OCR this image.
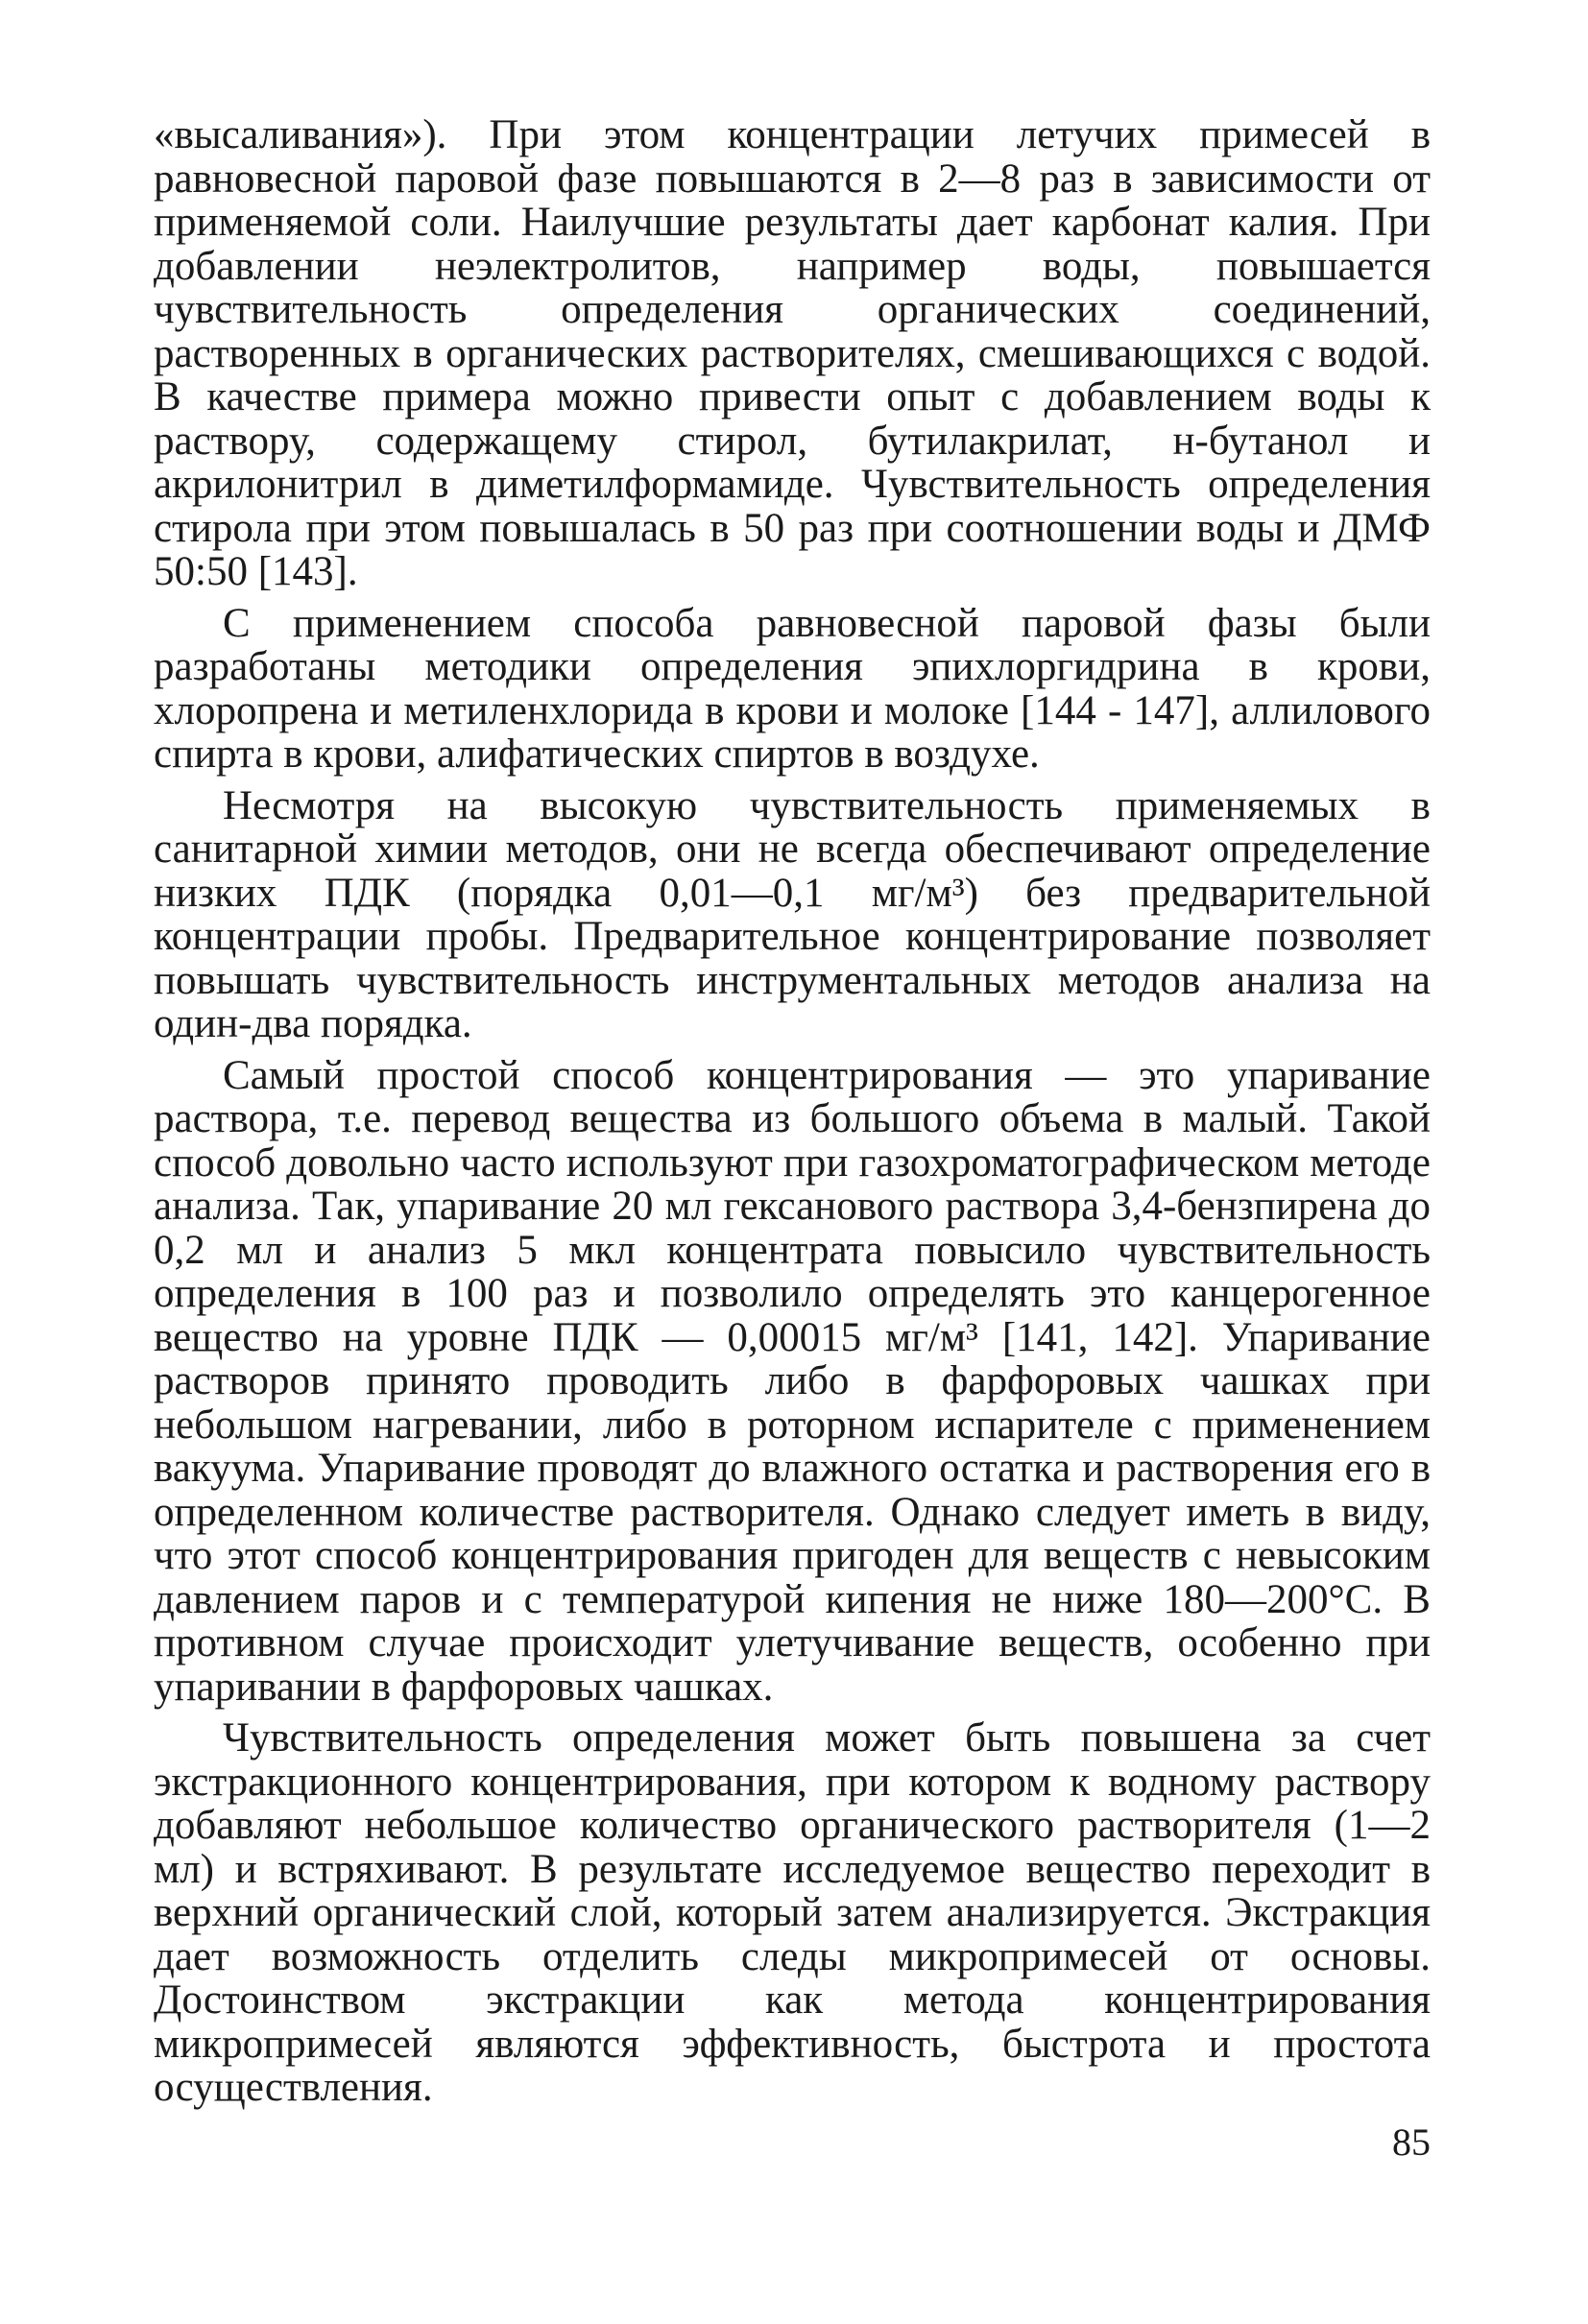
«высаливания»). При этом концентрации летучих примесей в равновесной паровой фазе повышаются в 2—8 раз в зависимости от применяемой соли. Наилучшие результаты дает карбонат калия. При добавлении неэлектролитов, например воды, повышается чувствительность определения органических соединений, растворенных в органических растворителях, смешивающихся с водой. В качестве примера можно привести опыт с добавлением воды к раствору, содержащему стирол, бутилакрилат, н-бутанол и акрилонитрил в диметилформамиде. Чувствительность определения стирола при этом повышалась в 50 раз при соотношении воды и ДМФ 50:50 [143].

С применением способа равновесной паровой фазы были разработаны методики определения эпихлоргидрина в крови, хлоропрена и метиленхлорида в крови и молоке [144 - 147], аллилового спирта в крови, алифатических спиртов в воздухе.

Несмотря на высокую чувствительность применяемых в санитарной химии методов, они не всегда обеспечивают определение низких ПДК (порядка 0,01—0,1 мг/м³) без предварительной концентрации пробы. Предварительное концентрирование позволяет повышать чувствительность инструментальных методов анализа на один-два порядка.

Самый простой способ концентрирования — это упаривание раствора, т.е. перевод вещества из большого объема в малый. Такой способ довольно часто используют при газохроматографическом методе анализа. Так, упаривание 20 мл гексанового раствора 3,4-бензпирена до 0,2 мл и анализ 5 мкл концентрата повысило чувствительность определения в 100 раз и позволило определять это канцерогенное вещество на уровне ПДК — 0,00015 мг/м³ [141, 142]. Упаривание растворов принято проводить либо в фарфоровых чашках при небольшом нагревании, либо в роторном испарителе с применением вакуума. Упаривание проводят до влажного остатка и растворения его в определенном количестве растворителя. Однако следует иметь в виду, что этот способ концентрирования пригоден для веществ с невысоким давлением паров и с температурой кипения не ниже 180—200°С. В противном случае происходит улетучивание веществ, особенно при упаривании в фарфоровых чашках.

Чувствительность определения может быть повышена за счет экстракционного концентрирования, при котором к водному раствору добавляют небольшое количество органического растворителя (1—2 мл) и встряхивают. В результате исследуемое вещество переходит в верхний органический слой, который затем анализируется. Экстракция дает возможность отделить следы микропримесей от основы. Достоинством экстракции как метода концентрирования микропримесей являются эффективность, быстрота и простота осуществления.

85
